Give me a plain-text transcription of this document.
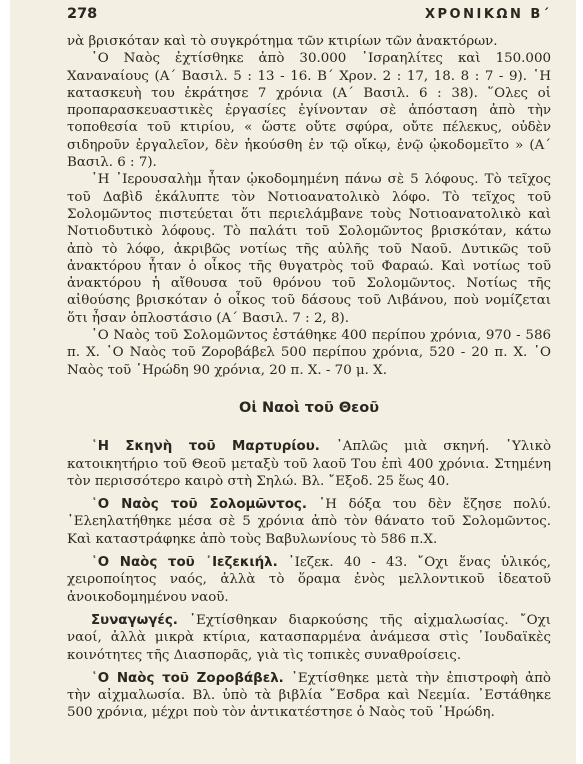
278	ΧΡΟΝΙΚΩΝ Β΄

νὰ βρισκόταν καὶ τὸ συγκρότημα τῶν κτιρίων τῶν ἀνακτόρων.

῾Ο Ναὸς ἐχτίσθηκε ἀπὸ 30.000 ᾿Ισραηλίτες καὶ 150.000 Χαναναίους (Α΄ Βασιλ. 5 : 13 - 16. Β΄ Χρον. 2 : 17, 18. 8 : 7 - 9). ῾Η κατασκευὴ του ἐκράτησε 7 χρόνια (Α΄ Βασιλ. 6 : 38). ῞Ολες οἱ προπαρασκευαστικὲς ἐργασίες ἐγίνονταν σὲ ἀπόσταση ἀπὸ τὴν τοποθεσία τοῦ κτιρίου, « ὥστε οὔτε σφύρα, οὔτε πέλεκυς, οὐδὲν σιδηροῦν ἐργαλεῖον, δὲν ἠκούσθη ἐν τῷ οἴκῳ, ἐνῷ ᾠκοδομεῖτο » (Α΄ Βασιλ. 6 : 7).

῾Η ᾿Ιερουσαλὴμ ἦταν ᾠκοδομημένη πάνω σὲ 5 λόφους. Τὸ τεῖχος τοῦ Δαβὶδ ἐκάλυπτε τὸν Νοτιοανατολικὸ λόφο. Τὸ τεῖχος τοῦ Σολομῶντος πιστεύεται ὅτι περιελάμβανε τοὺς Νοτιοανατολικὸ καὶ Νοτιοδυτικὸ λόφους. Τὸ παλάτι τοῦ Σολομῶντος βρισκόταν, κάτω ἀπὸ τὸ λόφο, ἀκριβῶς νοτίως τῆς αὐλῆς τοῦ Ναοῦ. Δυτικῶς τοῦ ἀνακτόρου ἦταν ὁ οἶκος τῆς θυγατρὸς τοῦ Φαραώ. Καὶ νοτίως τοῦ ἀνακτόρου ἡ αἴθουσα τοῦ θρόνου τοῦ Σολομῶντος. Νοτίως τῆς αἰθούσης βρισκόταν ὁ οἶκος τοῦ δάσους τοῦ Λιβάνου, ποὺ νομίζεται ὅτι ἦσαν ὁπλοστάσιο (Α΄ Βασιλ. 7 : 2, 8).

῾Ο Ναὸς τοῦ Σολομῶντος ἐστάθηκε 400 περίπου χρόνια, 970 - 586 π. Χ. ῾Ο Ναὸς τοῦ Ζοροβάβελ 500 περίπου χρόνια, 520 - 20 π. Χ. ῾Ο Ναὸς τοῦ ῾Ηρώδη 90 χρόνια, 20 π. Χ. - 70 μ. Χ.

Οἱ Ναοὶ τοῦ Θεοῦ

῾Η Σκηνὴ τοῦ Μαρτυρίου. ᾿Απλῶς μιὰ σκηνή. ῾Υλικὸ κατοικητήριο τοῦ Θεοῦ μεταξὺ τοῦ λαοῦ Του ἐπὶ 400 χρόνια. Στημένη τὸν περισσότερο καιρὸ στὴ Σηλώ. Βλ. ῎Εξοδ. 25 ἕως 40.

῾Ο Ναὸς τοῦ Σολομῶντος. ῾Η δόξα του δὲν ἔζησε πολύ. ᾿Ελεηλατήθηκε μέσα σὲ 5 χρόνια ἀπὸ τὸν θάνατο τοῦ Σολομῶντος. Καὶ καταστράφηκε ἀπὸ τοὺς Βαβυλωνίους τὸ 586 π.Χ.

῾Ο Ναὸς τοῦ ᾿Ιεζεκιήλ. ᾿Ιεζεκ. 40 - 43. ῎Οχι ἕνας ὑλικός, χειροποίητος ναός, ἀλλὰ τὸ ὅραμα ἑνὸς μελλοντικοῦ ἰδεατοῦ ἀνοικοδομημένου ναοῦ.

Συναγωγές. ᾿Εχτίσθηκαν διαρκούσης τῆς αἰχμαλωσίας. ῎Οχι ναοί, ἀλλὰ μικρὰ κτίρια, κατασπαρμένα ἀνάμεσα στὶς ᾿Ιουδαϊκὲς κοινότητες τῆς Διασπορᾶς, γιὰ τὶς τοπικὲς συναθροίσεις.

῾Ο Ναὸς τοῦ Ζοροβάβελ. ᾿Εχτίσθηκε μετὰ τὴν ἐπιστροφὴ ἀπὸ τὴν αἰχμαλωσία. Βλ. ὑπὸ τὰ βιβλία ῎Εσδρα καὶ Νεεμία. ᾿Εστάθηκε 500 χρόνια, μέχρι ποὺ τὸν ἀντικατέστησε ὁ Ναὸς τοῦ ῾Ηρώδη.
